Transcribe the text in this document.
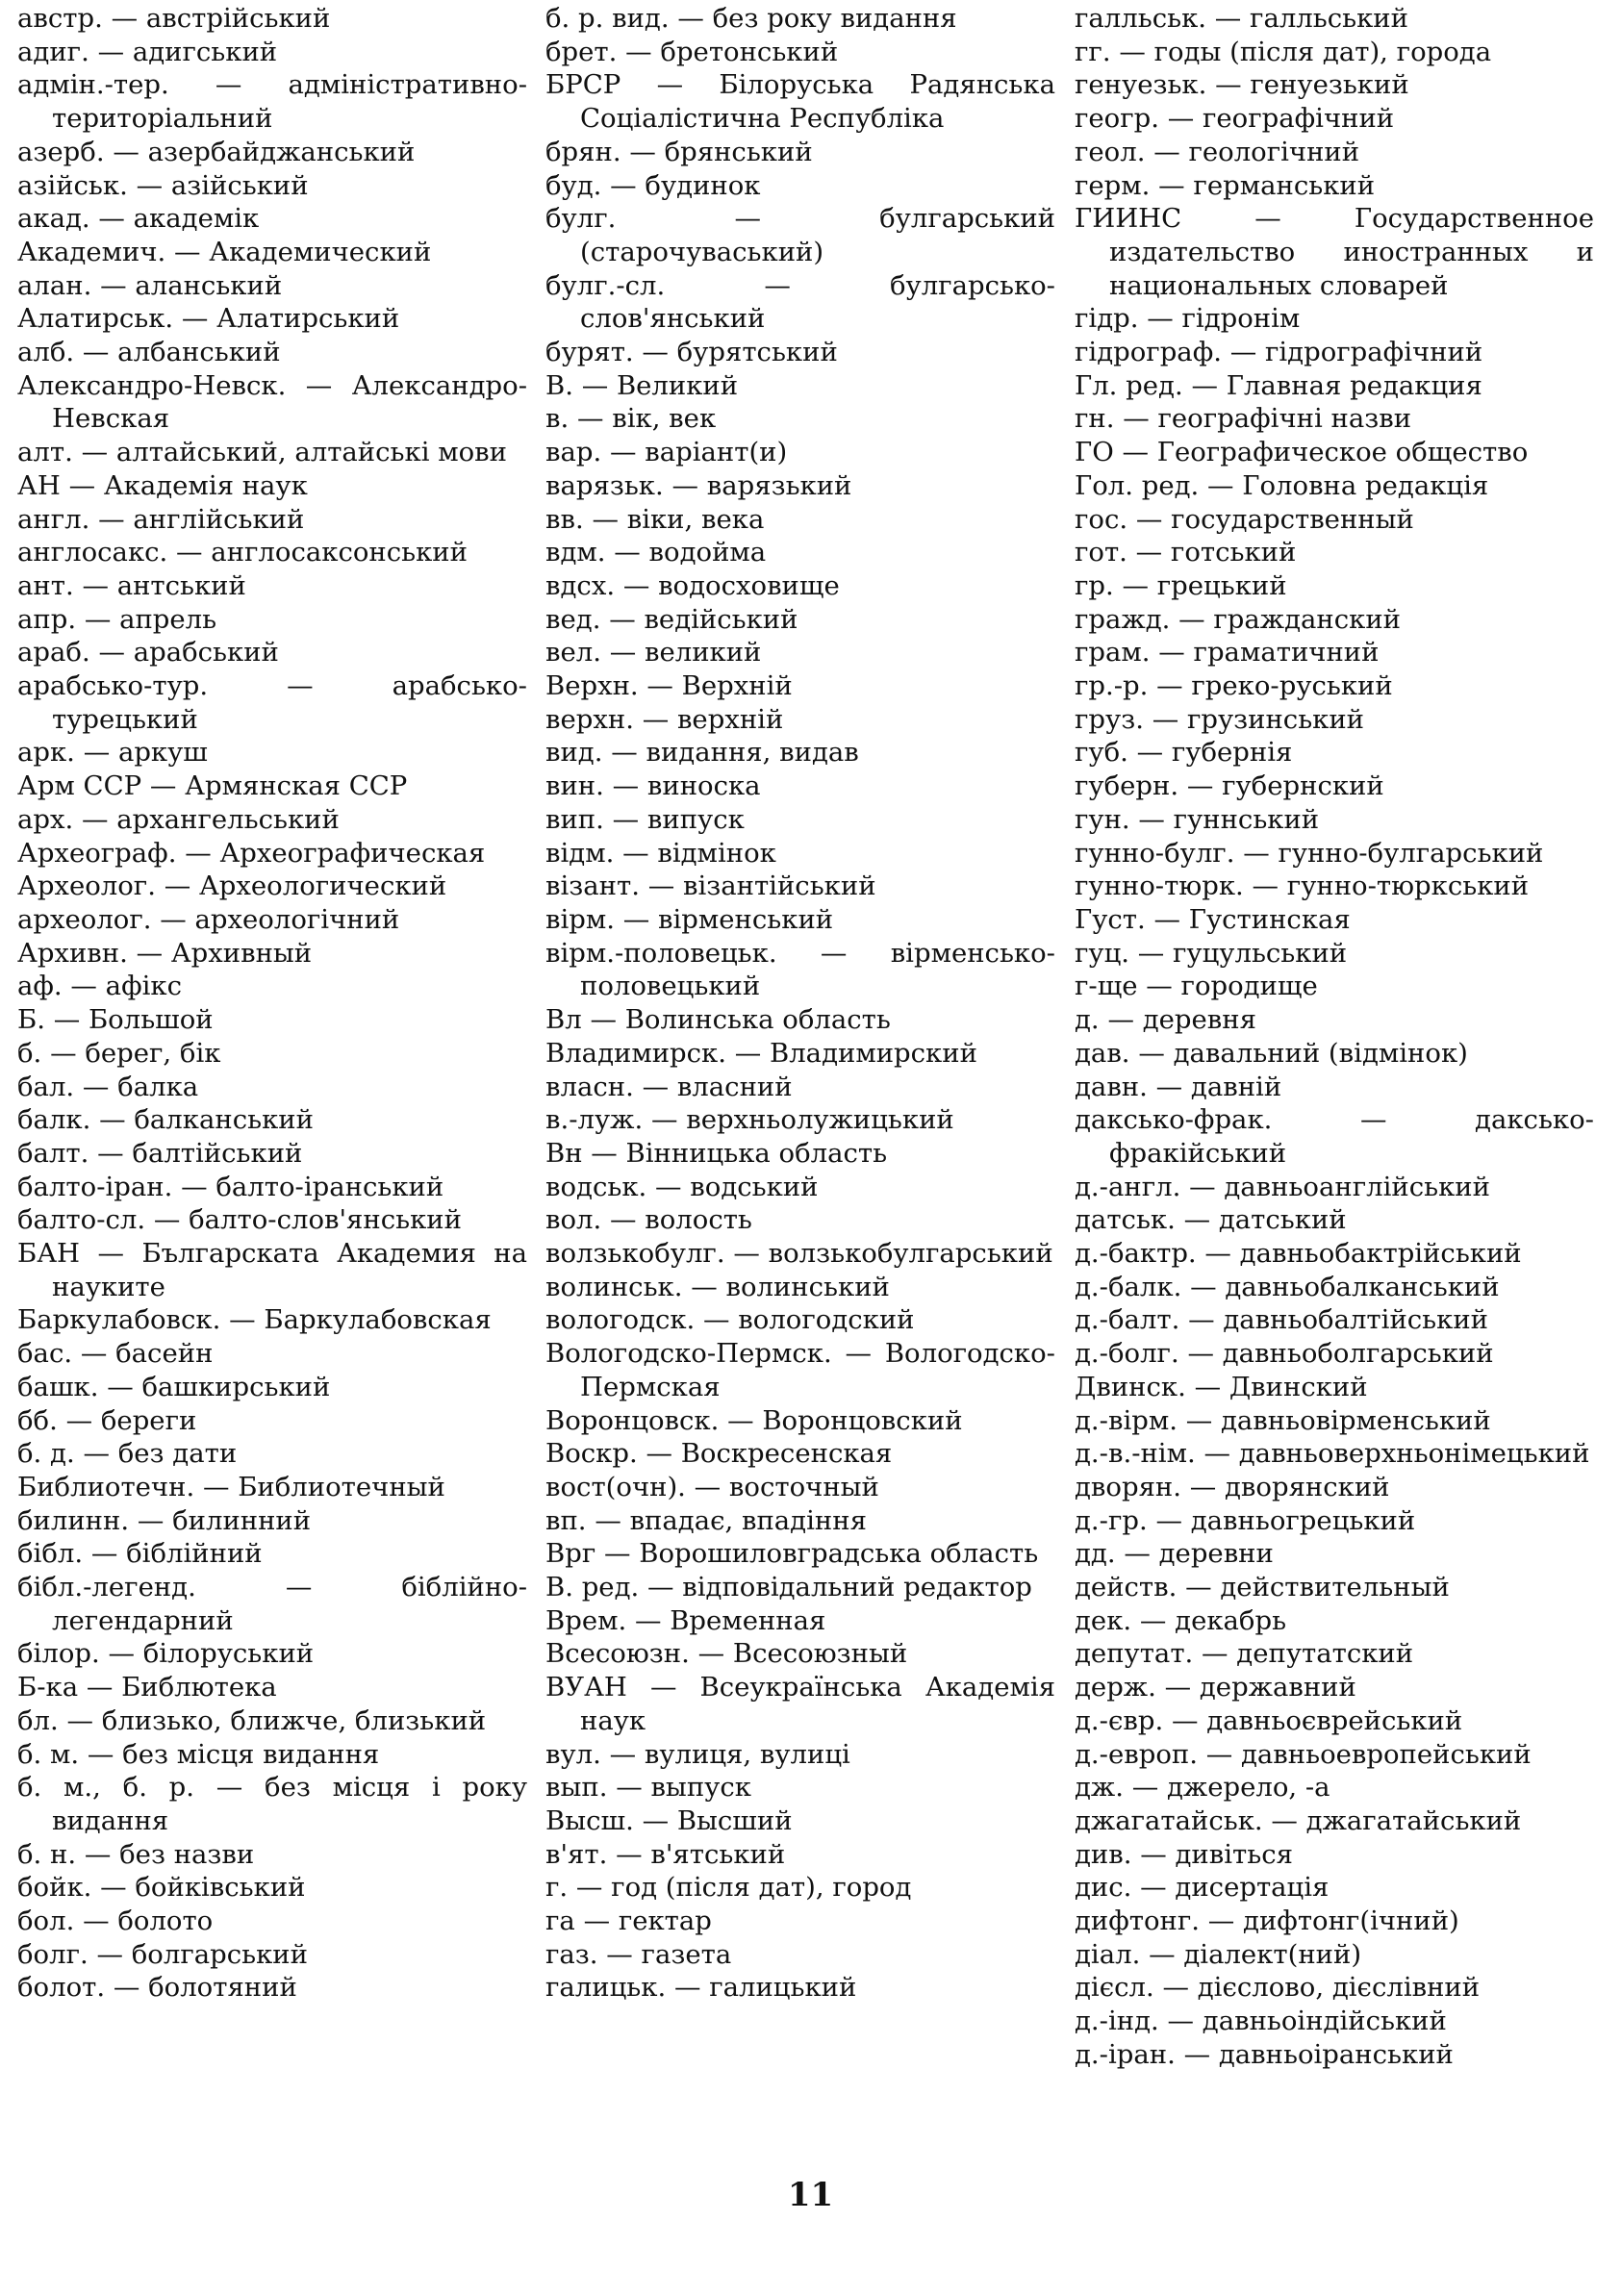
австр. — австрійський

адиг. — адигський

адмін.-тер. — адміністративно-територіальний

азерб. — азербайджанський

азійськ. — азійський

акад. — академік

Академич. — Академический

алан. — аланський

Алатирськ. — Алатирський

алб. — албанський

Александро-Невск. — Александро-Невская

алт. — алтайський, алтайські мови

АН — Академія наук

англ. — англійський

англосакс. — англосаксонський

ант. — антський

апр. — апрель

араб. — арабський

арабсько-тур.	—	арабсько-турецький

арк. — аркуш

Арм ССР — Армянская ССР

арх. — архангельський

Археограф. — Археографическая

Археолог. — Археологический

археолог. — археологічний

Архивн. — Архивный

аф. — афікс

Б. — Большой

б. — берег, бік

бал. — балка

балк. — балканський

балт. — балтійський

балто-іран. — балто-іранський

балто-сл. — балто-слов'янський

БАН — Българската Академия на науките

Баркулабовск. — Баркулабовская

бас. — басейн

башк. — башкирський

бб. — береги

б. д. — без дати

Библиотечн. — Библиотечный

билинн. — билинний

бібл. — біблійний

бібл.-легенд.	—	біблійно-легендарний

білор. — білоруський

Б-ка — Библютека

бл. — близько, ближче, близький

б. м. — без місця видання

б. м., б. р. — без місця і року видання

б. н. — без назви

бойк. — бойківський

бол. — болото

болг. — болгарський

болот. — болотяний

б. р. вид. — без року видання

брет. — бретонський

БРСР — Білоруська Радянська Соціалістична Республіка

брян. — брянський

буд. — будинок

булг.	—	булгарський (старочуваський)

булг.-сл.	—	булгарсько-слов'янський

бурят. — бурятський

В. — Великий

в. — вік, век

вар. — варіант(и)

варязьк. — варязький

вв. — віки, века

вдм. — водойма

вдсх. — водосховище

вед. — ведійський

вел. — великий

Верхн. — Верхній

верхн. — верхній

вид. — видання, видав

вин. — виноска

вип. — випуск

відм. — відмінок

візант. — візантійський

вірм. — вірменський

вірм.-половецьк. — вірменсько-половецький

Вл — Волинська область

Владимирск. — Владимирский

власн. — власний

в.-луж. — верхньолужицький

Вн — Вінницька область

водськ. — водський

вол. — волость

волзькобулг. — волзькобулгарський

волинськ. — волинський

вологодск. — вологодский

Вологодско-Пермск. — Вологодско-Пермская

Воронцовск. — Воронцовский

Воскр. — Воскресенская

вост(очн). — восточный

вп. — впадає, впадіння

Врг — Ворошиловградська область

В. ред. — відповідальний редактор

Врем. — Временная

Всесоюзн. — Всесоюзный

ВУАН — Всеукраїнська Академія наук

вул. — вулиця, вулиці

вып. — выпуск

Высш. — Высший

в'ят. — в'ятський

г. — год (після дат), город

га — гектар

газ. — газета

галицьк. — галицький

галльськ. — галльський

гг. — годы (після дат), города

генуезьк. — генуезький

геогр. — географічний

геол. — геологічний

герм. — германський

ГИИНС	—	Государственное издательство иностранных и национальных словарей

гідр. — гідронім

гідрограф. — гідрографічний

Гл. ред. — Главная редакция

гн. — географічні назви

ГО — Географическое общество

Гол. ред. — Головна редакція

гос. — государственный

гот. — готський

гр. — грецький

гражд. — гражданский

грам. — граматичний

гр.-р. — греко-руський

груз. — грузинський

губ. — губернія

губерн. — губернский

гун. — гуннський

гунно-булг. — гунно-булгарський

гунно-тюрк. — гунно-тюркський

Густ. — Густинская

гуц. — гуцульський

г-ще — городище

д. — деревня

дав. — давальний (відмінок)

давн. — давній

дакcько-фрак.	—	дакcько-фракійський

д.-англ. — давньоанглійський

датськ. — датський

д.-бактр. — давньобактрійський

д.-балк. — давньобалканський

д.-балт. — давньобалтійський

д.-болг. — давньоболгарський

Двинск. — Двинский

д.-вірм. — давньовірменський

д.-в.-нім. — давньоверхньонімецький

дворян. — дворянский

д.-гр. — давньогрецький

дд. — деревни

действ. — действительный

дек. — декабрь

депутат. — депутатский

держ. — державний

д.-євр. — давньоєврейський

д.-европ. — давньоевропейський

дж. — джерело, -а

джагатайськ. — джагатайський

див. — дивіться

дис. — дисертація

дифтонг. — дифтонг(ічний)

діал. — діалект(ний)

дієсл. — дієслово, дієслівний

д.-інд. — давньоіндійський

д.-іран. — давньоіранський

11
